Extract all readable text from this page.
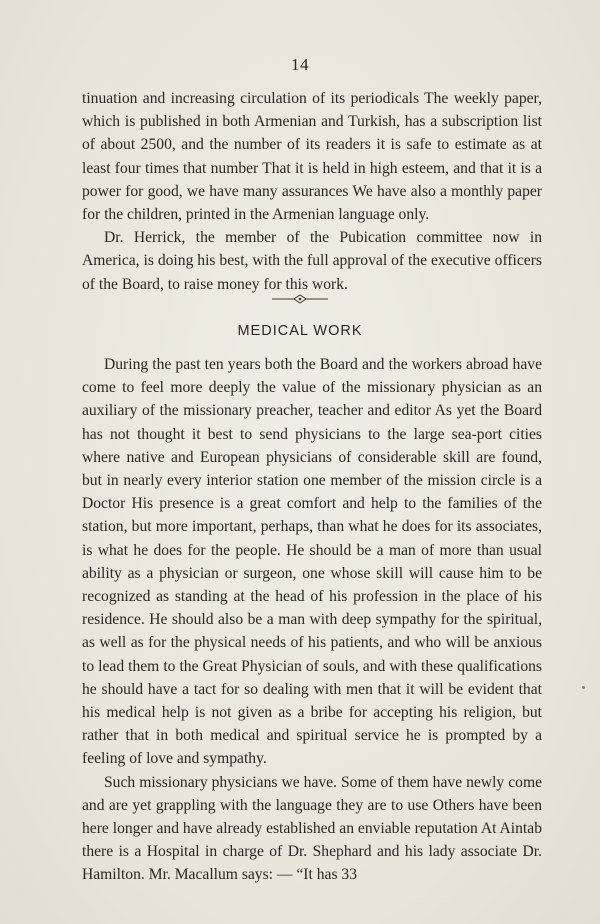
14

tinuation and increasing circulation of its periodicals The weekly paper, which is published in both Armenian and Turkish, has a subscription list of about 2500, and the number of its readers it is safe to estimate as at least four times that number That it is held in high esteem, and that it is a power for good, we have many assurances We have also a monthly paper for the children, printed in the Armenian language only.

Dr. Herrick, the member of the Pubication committee now in America, is doing his best, with the full approval of the executive officers of the Board, to raise money for this work.

MEDICAL WORK

During the past ten years both the Board and the workers abroad have come to feel more deeply the value of the missionary physician as an auxiliary of the missionary preacher, teacher and editor As yet the Board has not thought it best to send physicians to the large sea-port cities where native and European physicians of considerable skill are found, but in nearly every interior station one member of the mission circle is a Doctor His presence is a great comfort and help to the families of the station, but more important, perhaps, than what he does for its associates, is what he does for the people. He should be a man of more than usual ability as a physician or surgeon, one whose skill will cause him to be recognized as standing at the head of his profession in the place of his residence. He should also be a man with deep sympathy for the spiritual, as well as for the physical needs of his patients, and who will be anxious to lead them to the Great Physician of souls, and with these qualifications he should have a tact for so dealing with men that it will be evident that his medical help is not given as a bribe for accepting his religion, but rather that in both medical and spiritual service he is prompted by a feeling of love and sympathy.

Such missionary physicians we have. Some of them have newly come and are yet grappling with the language they are to use Others have been here longer and have already established an enviable reputation At Aintab there is a Hospital in charge of Dr. Shephard and his lady associate Dr. Hamilton. Mr. Macallum says: — “It has 33
